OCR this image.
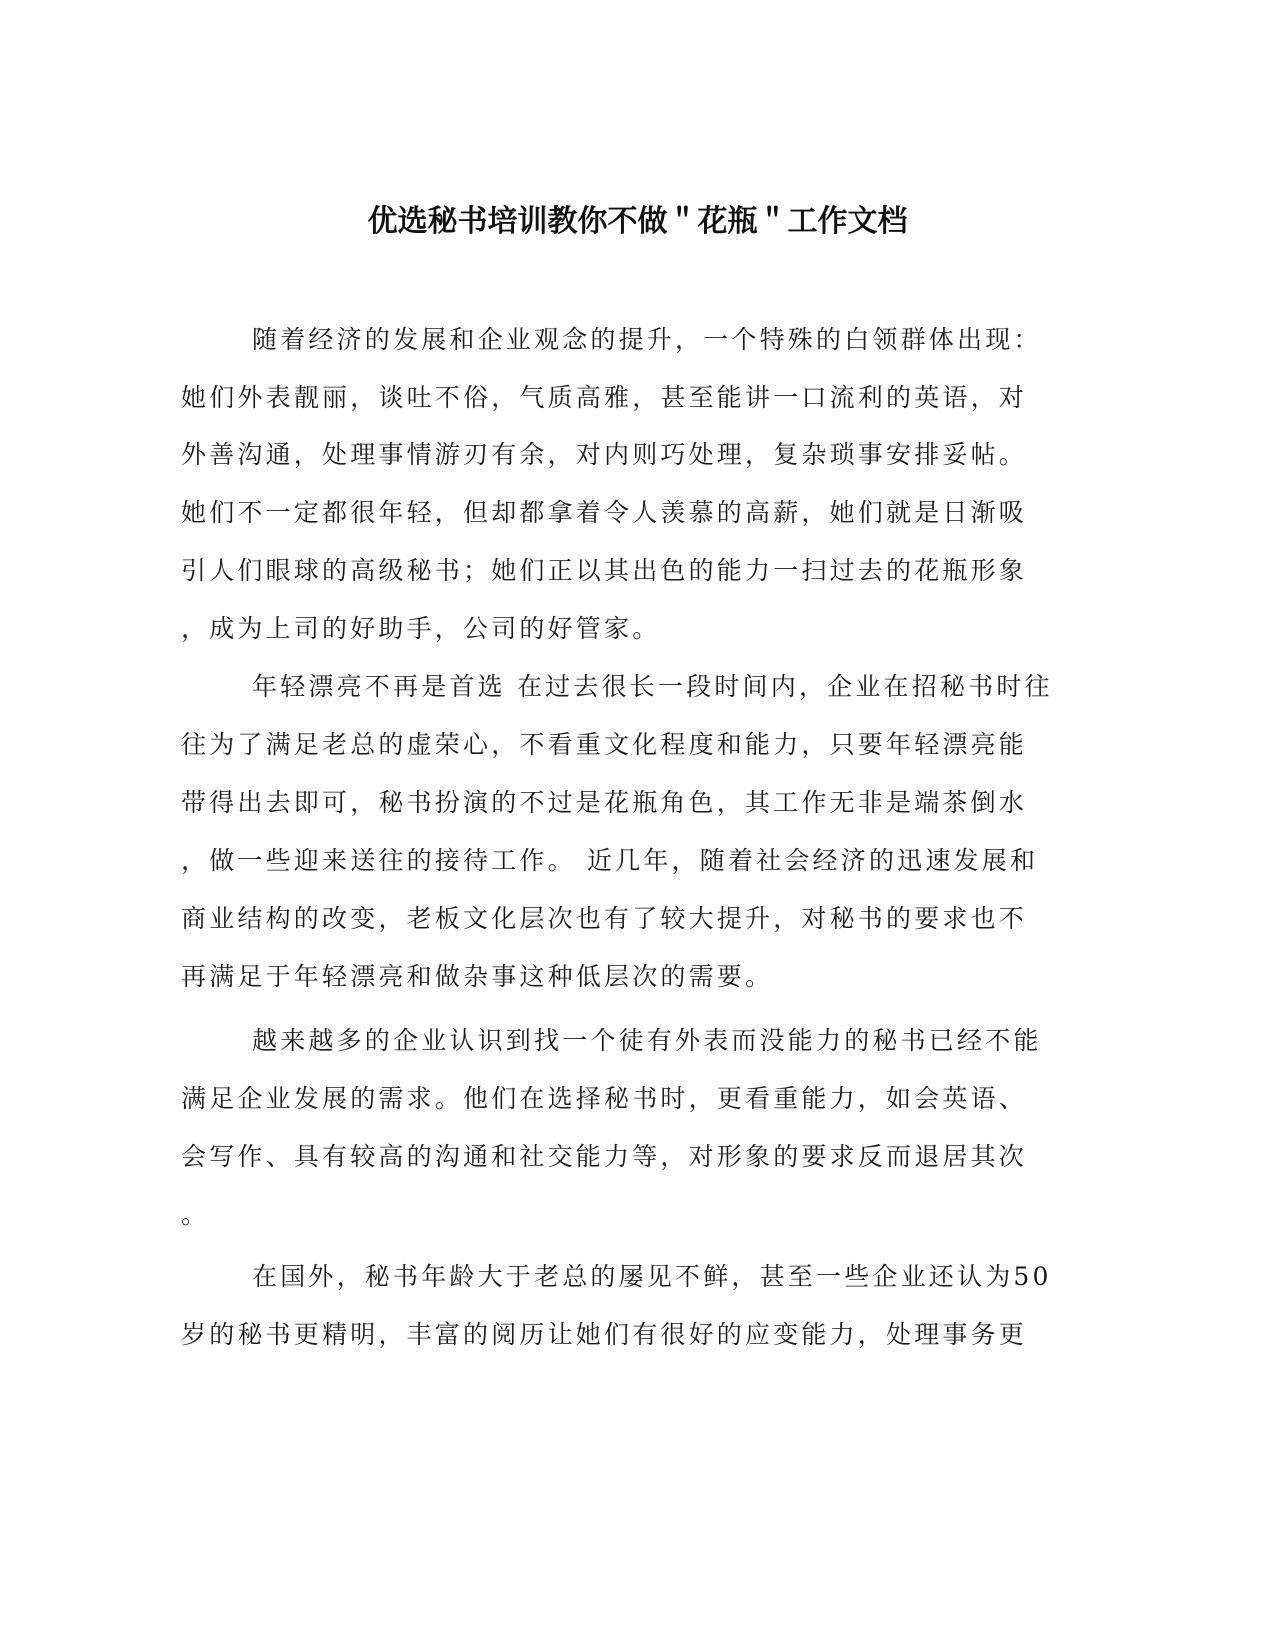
优选秘书培训教你不做＂花瓶＂工作文档
随着经济的发展和企业观念的提升，一个特殊的白领群体出现：
她们外表靓丽，谈吐不俗，气质高雅，甚至能讲一口流利的英语，对
外善沟通，处理事情游刃有余，对内则巧处理，复杂琐事安排妥帖。
她们不一定都很年轻，但却都拿着令人羡慕的高薪，她们就是日渐吸
引人们眼球的高级秘书；她们正以其出色的能力一扫过去的花瓶形象
，成为上司的好助手，公司的好管家。
年轻漂亮不再是首选 在过去很长一段时间内，企业在招秘书时往
往为了满足老总的虚荣心，不看重文化程度和能力，只要年轻漂亮能
带得出去即可，秘书扮演的不过是花瓶角色，其工作无非是端茶倒水
，做一些迎来送往的接待工作。 近几年，随着社会经济的迅速发展和
商业结构的改变，老板文化层次也有了较大提升，对秘书的要求也不
再满足于年轻漂亮和做杂事这种低层次的需要。
越来越多的企业认识到找一个徒有外表而没能力的秘书已经不能
满足企业发展的需求。他们在选择秘书时，更看重能力，如会英语、
会写作、具有较高的沟通和社交能力等，对形象的要求反而退居其次
。
在国外，秘书年龄大于老总的屡见不鲜，甚至一些企业还认为50
岁的秘书更精明，丰富的阅历让她们有很好的应变能力，处理事务更
